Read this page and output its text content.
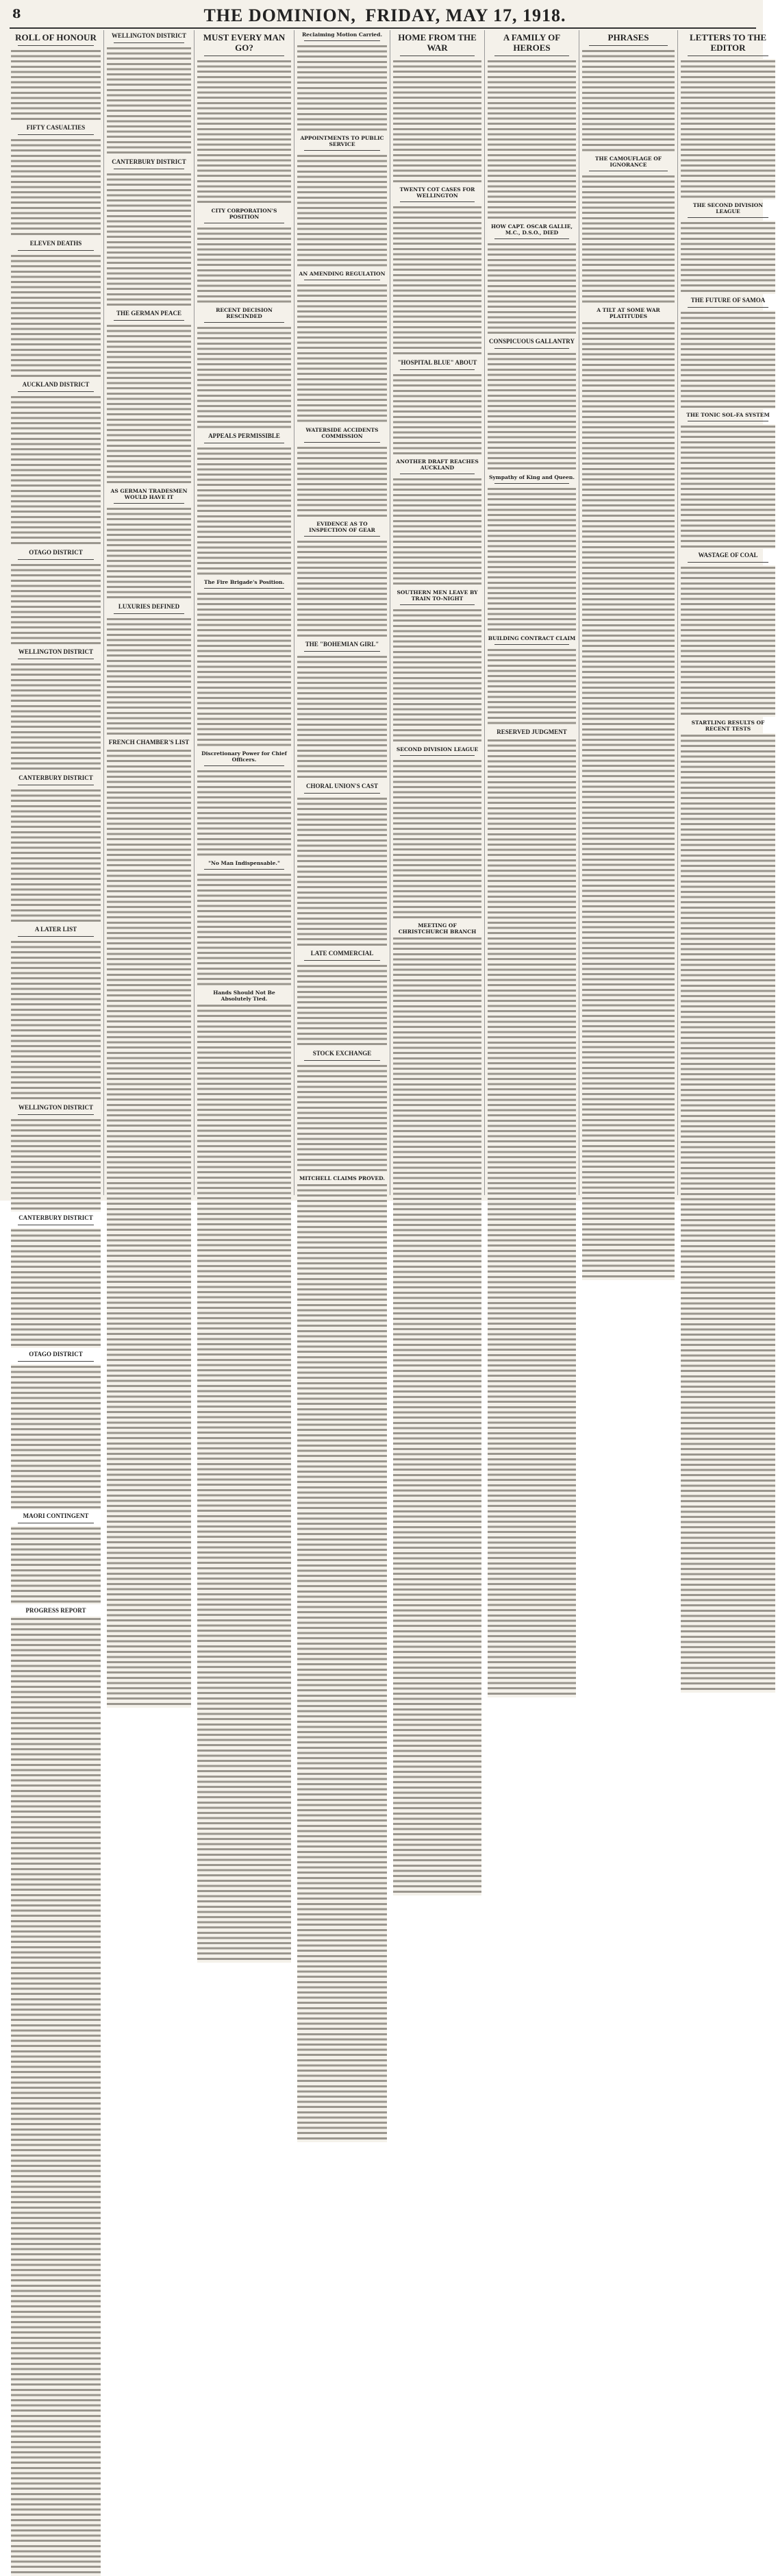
8	THE DOMINION, FRIDAY, MAY 17, 1918.
ROLL OF HONOUR
FIFTY CASUALTIES
ELEVEN DEATHS
AUCKLAND DISTRICT
OTAGO DISTRICT
WELLINGTON DISTRICT
CANTERBURY DISTRICT
A LATER LIST
WELLINGTON DISTRICT
CANTERBURY DISTRICT
OTAGO DISTRICT
MAORI CONTINGENT
PROGRESS REPORT
WELLINGTON DISTRICT
CANTERBURY DISTRICT
THE GERMAN PEACE
AS GERMAN TRADESMEN WOULD HAVE IT
LUXURIES DEFINED
FRENCH CHAMBER'S LIST
MUST EVERY MAN GO?
CITY CORPORATION'S POSITION
RECENT DECISION RESCINDED
APPEALS PERMISSIBLE
The Fire Brigade's Position.
Discretionary Power for Chief Officers.
"No Man Indispensable."
Hands Should Not Be Absolutely Tied.
Reclaiming Motion Carried.
APPOINTMENTS TO PUBLIC SERVICE
AN AMENDING REGULATION
WATERSIDE ACCIDENTS COMMISSION
EVIDENCE AS TO INSPECTION OF GEAR
THE "BOHEMIAN GIRL"
CHORAL UNION'S CAST
LATE COMMERCIAL
STOCK EXCHANGE
MITCHELL CLAIMS PROVED.
HOME FROM THE WAR
TWENTY COT CASES FOR WELLINGTON
"HOSPITAL BLUE" ABOUT
ANOTHER DRAFT REACHES AUCKLAND
SOUTHERN MEN LEAVE BY TRAIN TO-NIGHT
SECOND DIVISION LEAGUE
MEETING OF CHRISTCHURCH BRANCH
A FAMILY OF HEROES
HOW CAPT. OSCAR GALLIE, M.C., D.S.O., DIED
CONSPICUOUS GALLANTRY
Sympathy of King and Queen.
BUILDING CONTRACT CLAIM
RESERVED JUDGMENT
PHRASES
THE CAMOUFLAGE OF IGNORANCE
A TILT AT SOME WAR PLATITUDES
LETTERS TO THE EDITOR
THE SECOND DIVISION LEAGUE
THE FUTURE OF SAMOA
THE TONIC SOL-FA SYSTEM
WASTAGE OF COAL
STARTLING RESULTS OF RECENT TESTS
